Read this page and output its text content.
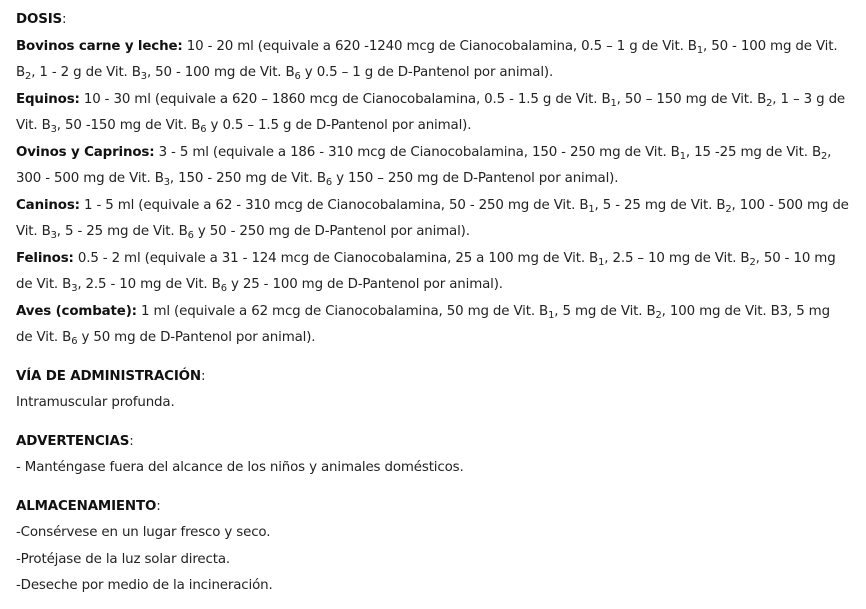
DOSIS:

Bovinos carne y leche: 10 - 20 ml (equivale a 620 -1240 mcg de Cianocobalamina, 0.5 – 1 g de Vit. $B_1$, 50 - 100 mg de Vit. $B_2$, 1 - 2 g de Vit. $B_3$, 50 - 100 mg de Vit. $B_6$ y 0.5 – 1 g de D-Pantenol por animal).

Equinos: 10 - 30 ml (equivale a 620 – 1860 mcg de Cianocobalamina, 0.5 - 1.5 g de Vit. $B_1$, 50 – 150 mg de Vit. $B_2$, 1 – 3 g de Vit. $B_3$, 50 -150 mg de Vit. $B_6$ y 0.5 – 1.5 g de D-Pantenol por animal).

Ovinos y Caprinos: 3 - 5 ml (equivale a 186 - 310 mcg de Cianocobalamina, 150 - 250 mg de Vit. $B_1$, 15 -25 mg de Vit. $B_2$, 300 - 500 mg de Vit. $B_3$, 150 - 250 mg de Vit. $B_6$ y 150 – 250 mg de D-Pantenol por animal).

Caninos: 1 - 5 ml (equivale a 62 - 310 mcg de Cianocobalamina, 50 - 250 mg de Vit. $B_1$, 5 - 25 mg de Vit. $B_2$, 100 - 500 mg de Vit. $B_3$, 5 - 25 mg de Vit. $B_6$ y 50 - 250 mg de D-Pantenol por animal).

Felinos: 0.5 - 2 ml (equivale a 31 - 124 mcg de Cianocobalamina, 25 a 100 mg de Vit. $B_1$, 2.5 – 10 mg de Vit. $B_2$, 50 - 10 mg de Vit. $B_3$, 2.5 - 10 mg de Vit. $B_6$ y 25 - 100 mg de D-Pantenol por animal).

Aves (combate): 1 ml (equivale a 62 mcg de Cianocobalamina, 50 mg de Vit. $B_1$, 5 mg de Vit. $B_2$, 100 mg de Vit. B3, 5 mg de Vit. $B_6$ y 50 mg de D-Pantenol por animal).

VÍA DE ADMINISTRACIÓN:

Intramuscular profunda.

ADVERTENCIAS:

- Manténgase fuera del alcance de los niños y animales domésticos.

ALMACENAMIENTO:

-Consérvese en un lugar fresco y seco.

-Protéjase de la luz solar directa.

-Deseche por medio de la incineración.
